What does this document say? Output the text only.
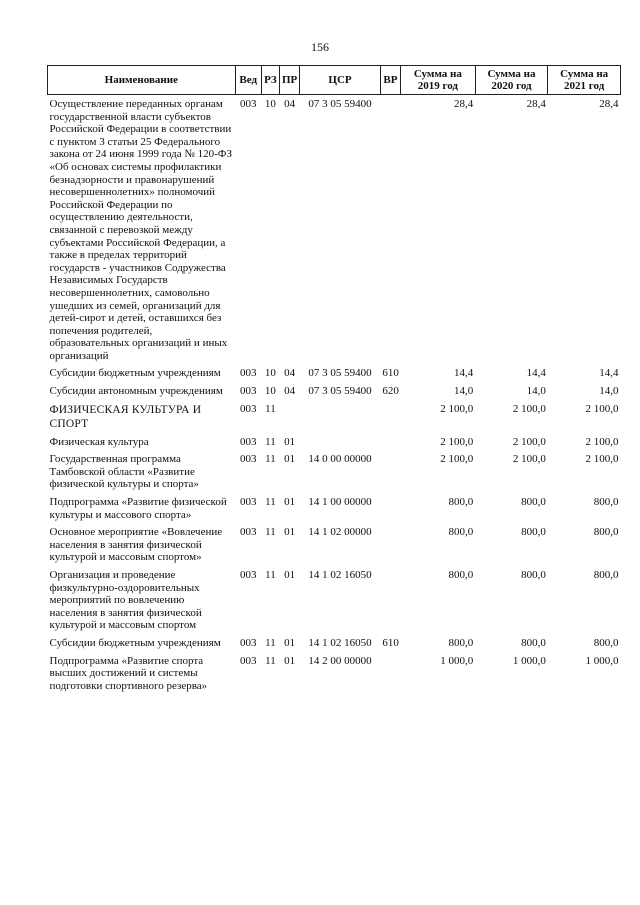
156
Наименование	Вед	РЗ	ПР	ЦСР	ВР	Сумма на 2019 год	Сумма на 2020 год	Сумма на 2021 год
Осуществление переданных органам государственной власти субъектов Российской Федерации в соответствии с пунктом 3 статьи 25 Федерального закона от 24 июня 1999 года № 120-ФЗ «Об основах системы профилактики безнадзорности и правонарушений несовершеннолетних» полномочий Российской Федерации по осуществлению деятельности, связанной с перевозкой между субъектами Российской Федерации, а также в пределах территорий государств - участников Содружества Независимых Государств несовершеннолетних, самовольно ушедших из семей, организаций для детей-сирот и детей, оставшихся без попечения родителей, образовательных организаций и иных организаций	003	10	04	07 3 05 59400		28,4	28,4	28,4
Субсидии бюджетным учреждениям	003	10	04	07 3 05 59400	610	14,4	14,4	14,4
Субсидии автономным учреждениям	003	10	04	07 3 05 59400	620	14,0	14,0	14,0
ФИЗИЧЕСКАЯ КУЛЬТУРА И СПОРТ	003	11				2 100,0	2 100,0	2 100,0
Физическая культура	003	11	01			2 100,0	2 100,0	2 100,0
Государственная программа Тамбовской области «Развитие физической культуры и спорта»	003	11	01	14 0 00 00000		2 100,0	2 100,0	2 100,0
Подпрограмма «Развитие физической культуры и массового спорта»	003	11	01	14 1 00 00000		800,0	800,0	800,0
Основное мероприятие «Вовлечение населения в занятия физической культурой и массовым спортом»	003	11	01	14 1 02 00000		800,0	800,0	800,0
Организация и проведение физкультурно-оздоровительных мероприятий по вовлечению населения в занятия физической культурой и массовым спортом	003	11	01	14 1 02 16050		800,0	800,0	800,0
Субсидии бюджетным учреждениям	003	11	01	14 1 02 16050	610	800,0	800,0	800,0
Подпрограмма «Развитие спорта высших достижений и системы подготовки спортивного резерва»	003	11	01	14 2 00 00000		1 000,0	1 000,0	1 000,0
